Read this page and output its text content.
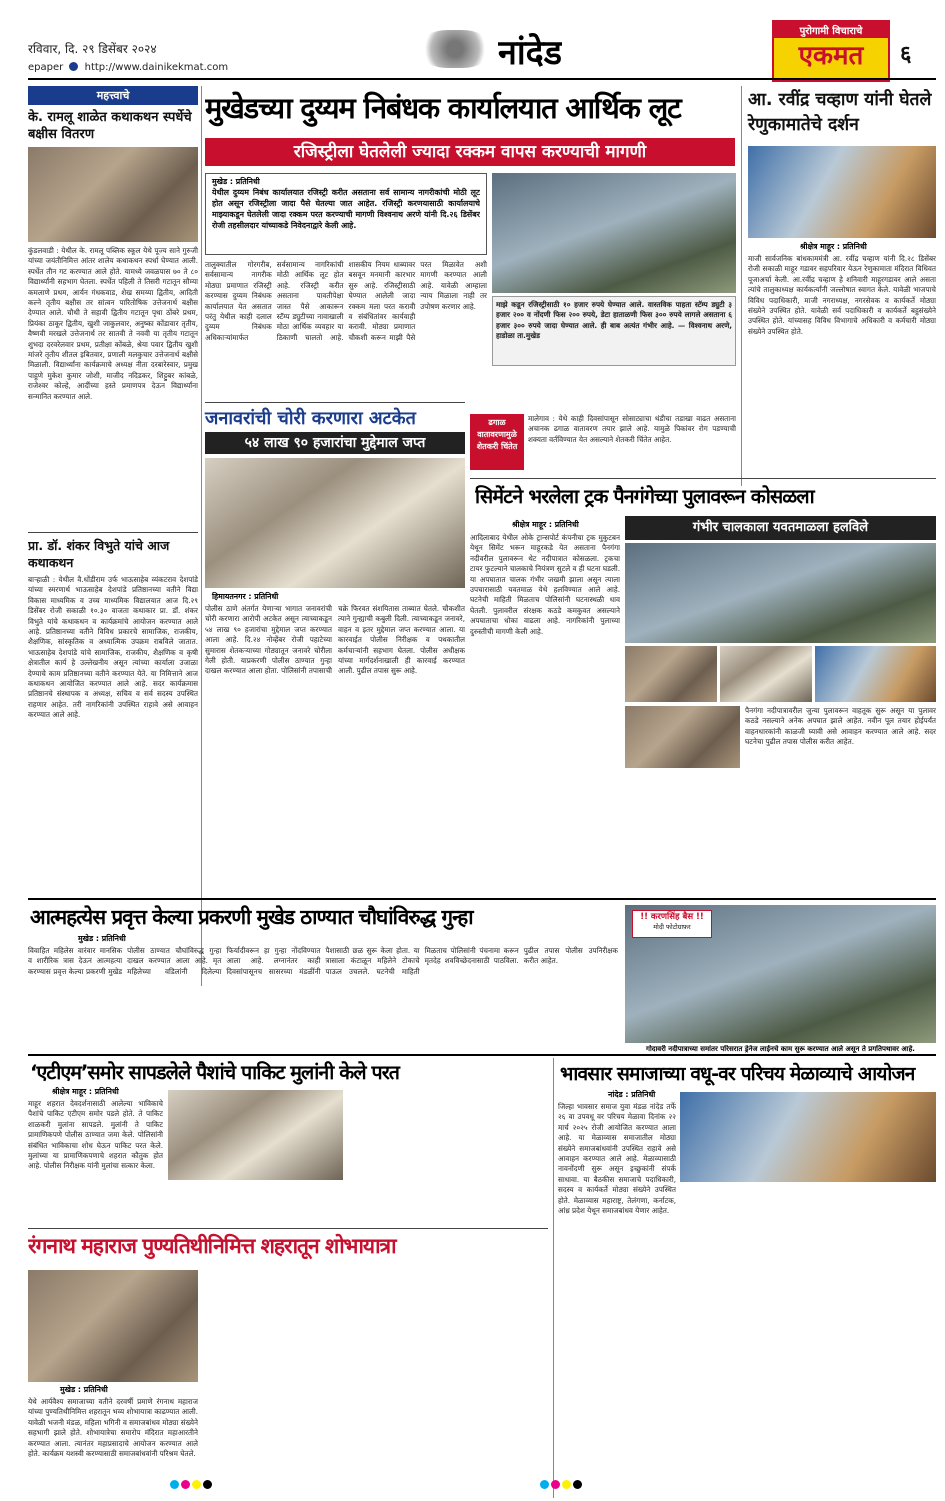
रविवार, दि. २९ डिसेंबर २०२४	नांदेड
पुरोगामी विचाराचे
एकमत	६
epaper http://www.dainikekmat.com
महत्त्वाचे
के. रामलू शाळेत कथाकथन स्पर्धेचे बक्षीस वितरण
कुंडलवाडी : येथील के. रामलू पब्लिक स्कूल येथे पूज्य साने गुरुजी यांच्या जयंतीनिमित्त आंतर शालेय कथाकथन स्पर्धा घेण्यात आली. स्पर्धेत तीन गट करण्यात आले होते. यामध्ये जवळपास ७० ते ८० विद्यार्थ्यांनी सहभाग घेतला. स्पर्धेत पहिली ते तिसरी गटातून सौम्या कमलाणे प्रथम, आर्यन गंधकवाड, शेख समय्या द्वितीय, आदिती कल्ने तृतीय बक्षीस तर सांत्वन पारितोषिक उत्तेजनार्थ बक्षीस देण्यात आले. चौथी ते सहावी द्वितीय गटातून पृथा ठोंबरे प्रथम, प्रियंका ठाकूर द्वितीय, खुशी जाकुलवार, अनुष्का कोंडावार तृतीय, वैष्णवी मरखले उत्तेजनार्थ तर सातवी ते नववी या तृतीय गटातून शुभदा दरवरेलवार प्रथम, प्रतीक्षा कोंबळे, श्रेया पवार द्वितीय खुशी मांजरे तृतीय शीतल इबितवार, प्रणाली मलकुचार उत्तेजनार्थ बक्षीसे मिळाली. विद्यार्थ्यांना कार्यक्रमाचे अध्यक्ष नीता दरबारेस्वार, प्रमुख पाहुणे मुकेश कुमार जोशी, माजीद नदिडकर, शिट्टुबर कांबळे, राजेश्वर कोल्हे, आदींच्या हस्ते प्रमाणपत्र देऊन विद्यार्थ्यांना सन्मानित करण्यात आले.
प्रा. डॉ. शंकर विभुते यांचे आज कथाकथन
बाऱ्हाळी : येथील वै.धोंडीराम उर्फ भाऊसाहेब व्यंकटराव देशपांडे यांच्या स्मरणार्थ भाऊसाहेब देशपांडे प्रतिष्ठानच्या वतीने विद्या विकास माध्यमिक व उच्च माध्यमिक विद्यालयात आज दि.२९ डिसेंबर रोजी सकाळी १०.३० वाजता कथाकार प्रा. डॉ. शंकर विभुते यांचे कथाकथन व कार्यक्रमांचे आयोजन करण्यात आले आहे. प्रतिष्ठानच्या वतीने विविध प्रकारचे सामाजिक, राजकीय, शैक्षणिक, सांस्कृतिक व अध्यात्मिक उपक्रम राबविले जातात. भाऊसाहेब देशपांडे यांचे सामाजिक, राजकीय, शैक्षणिक व कृषी क्षेत्रातील कार्य हे उल्लेखनीय असून त्यांच्या कार्याला उजाळा देण्याचे काम प्रतिष्ठानच्या वतीने करण्यात येते. या निमित्ताने आज कथाकथन आयोजित करण्यात आले आहे. सदर कार्यक्रमास प्रतिष्ठानचे संस्थापक व अध्यक्ष, सचिव व सर्व सदस्य उपस्थित राहणार आहेत. तरी नागरिकांनी उपस्थित राहावे असे आवाहन करण्यात आले आहे.
मुखेडच्या दुय्यम निबंधक कार्यालयात आर्थिक लूट
रजिस्ट्रीला घेतलेली ज्यादा रक्कम वापस करण्याची मागणी
मुखेड : प्रतिनिधी
येथील दुय्यम निबंध कार्यालयात रजिस्ट्री करीत असताना सर्व सामान्य नागरीकांची मोठी लूट होत असून रजिस्ट्रीला जादा पैसे घेतल्या जात आहेत. रजिस्ट्री करणयासाठी कार्यालयाचे माझ्याकडून घेतलेली जादा रक्कम परत करण्याची मागणी विश्वनाथ अरणे यांनी दि.२६ डिसेंबर रोजी तहसीलदार यांच्याकडे निवेदनाद्वारे केली आहे.
माझे कडून रजिस्ट्रीसाठी १० हजार रुपये घेण्यात आले. वास्तविक पाहता स्टॅम्प ड्युटी ३ हजार २०० व नोंदणी फिस २०० रुपये, डेटा हाताळणी फिस ३०० रुपये लागले असताना ६ हजार ३०० रुपये जादा घेण्यात आले. ही बाब अत्यंत गंभीर आहे. — विश्वनाथ अरणे, हाडोळा ता.मुखेड
तालुक्यातील गोरगरीब, सर्वसामान्य नागरीक मोठ्या प्रमाणात रजिस्ट्री करण्यास दुय्यम निबंधक कार्यालयात येत असतात परंतु येथील काही दलाल दुय्यम निबंधक अधिकाऱ्यांमार्फत सर्वसामान्य नागरिकांची मोठी आर्थिक लूट होत आहे. रजिस्ट्री करीत असताना पावतीपेक्षा जास्त पैसे आकारून स्टॅम्प ड्युटीच्या नावाखाली मोठा आर्थिक व्यवहार या ठिकाणी चालतो आहे. शासकीय नियम धाब्यावर बसवून मनमानी कारभार सुरु आहे. रजिस्ट्रीसाठी घेण्यात आलेली जादा रक्कम मला परत करावी व संबंधितांवर कार्यवाही करावी. मोठ्या प्रमाणात चौकशी करून माझी पैसे परत मिळावेत अशी मागणी करण्यात आली आहे. यावेळी आम्हाला न्याय मिळाला नाही तर उपोषण करणार आहे.
आ. रवींद्र चव्हाण यांनी घेतले रेणुकामातेचे दर्शन
श्रीक्षेत्र माहूर : प्रतिनिधी
माजी सार्वजनिक बांधकाममंत्री आ. रवींद्र चव्हाण यांनी दि.२८ डिसेंबर रोजी सकाळी माहूर गडावर सहपरिवार येऊन रेणुकामाता मंदिरात विधिवत पूजाअर्चा केली. आ.रवींद्र चव्हाण हे शनिवारी माहूरगडावर आले असता त्यांचे तालुकाध्यक्ष कार्यकर्त्यांनी जल्लोषात स्वागत केले. यावेळी भाजपाचे विविध पदाधिकारी, माजी नगराध्यक्ष, नगरसेवक व कार्यकर्ते मोठ्या संख्येने उपस्थित होते. यावेळी सर्व पदाधिकारी व कार्यकर्ते बहुसंख्येने उपस्थित होते. यांच्यासह विविध विभागाचे अधिकारी व कर्मचारी मोठ्या संख्येने उपस्थित होते.
जनावरांची चोरी करणारा अटकेत
५४ लाख ९० हजारांचा मुद्देमाल जप्त
हिमायतनगर : प्रतिनिधी
पोलीस ठाणे अंतर्गत येणाऱ्या भागात जनावरांची चोरी करणारा आरोपी अटकेत असून त्याच्याकडून ५४ लाख ९० हजारांचा मुद्देमाल जप्त करण्यात आला आहे. दि.२४ नोव्हेंबर रोजी पहाटेच्या सुमारास शेतकऱ्याच्या गोठ्यातून जनावरे चोरीला गेली होती. याप्रकरणी पोलीस ठाण्यात गुन्हा दाखल करण्यात आला होता. पोलिसांनी तपासाची चक्रे फिरवत संशयितास ताब्यात घेतले. चौकशीत त्याने गुन्ह्याची कबुली दिली. त्याच्याकडून जनावरे, वाहन व इतर मुद्देमाल जप्त करण्यात आला. या कारवाईत पोलीस निरीक्षक व पथकातील कर्मचाऱ्यांनी सहभाग घेतला. पोलीस अधीक्षक यांच्या मार्गदर्शनाखाली ही कारवाई करण्यात आली. पुढील तपास सुरू आहे.
ढगाळ वातावरणामुळे शेतकरी चिंतेत
मालेगाव : येथे काही दिवसांपासून सोसाट्याचा थंडीचा तडाखा वाढत असताना अचानक ढगाळ वातावरण तयार झाले आहे. यामुळे पिकांवर रोग पडण्याची शक्यता वर्तविण्यात येत असल्याने शेतकरी चिंतेत आहेत.
सिमेंटने भरलेला ट्रक पैनगंगेच्या पुलावरून कोसळला
गंभीर चालकाला यवतमाळला हलविले
श्रीक्षेत्र माहूर : प्रतिनिधी
आदिलाबाद येथील ओके ट्रान्सपोर्ट कंपनीचा ट्रक मुकुटबन येथून सिमेंट भरून माहूरकडे येत असताना पैनगंगा नदीवरील पुलावरून थेट नदीपात्रात कोसळला. ट्रकचा टायर फुटल्याने चालकाचे नियंत्रण सुटले व ही घटना घडली. या अपघातात चालक गंभीर जखमी झाला असून त्याला उपचारासाठी यवतमाळ येथे हलविण्यात आले आहे. घटनेची माहिती मिळताच पोलिसांनी घटनास्थळी धाव घेतली. पुलावरील संरक्षक कठडे कमकुवत असल्याने अपघाताचा धोका वाढला आहे. नागरिकांनी पुलाच्या दुरुस्तीची मागणी केली आहे.
पैनगंगा नदीपात्रावरील जुन्या पुलावरून वाहतूक सुरू असून या पुलावर कठडे नसल्याने अनेक अपघात झाले आहेत. नवीन पूल तयार होईपर्यंत वाहनधारकांनी काळजी घ्यावी असे आवाहन करण्यात आले आहे. सदर घटनेचा पुढील तपास पोलीस करीत आहेत.
आत्महत्येस प्रवृत्त केल्या प्रकरणी मुखेड ठाण्यात चौघांविरुद्ध गुन्हा
मुखेड : प्रतिनिधी
विवाहित महिलेस वारंवार मानसिक व शारीरिक त्रास देऊन आत्महत्या करण्यास प्रवृत्त केल्या प्रकरणी मुखेड पोलीस ठाण्यात चौघांविरुद्ध गुन्हा दाखल करण्यात आला आहे. मृत महिलेच्या वडिलांनी दिलेल्या फिर्यादीवरून हा गुन्हा नोंदविण्यात आला आहे. लग्नानंतर काही दिवसांपासूनच सासरच्या मंडळींनी पैशासाठी छळ सुरू केला होता. या त्रासाला कंटाळून महिलेने टोकाचे पाऊल उचलले. घटनेची माहिती मिळताच पोलिसांनी पंचनामा करून मृतदेह शवविच्छेदनासाठी पाठविला. पुढील तपास पोलीस उपनिरीक्षक करीत आहेत.
!! करणसिंह बैस !!
मोदी फोटोग्राफ़र
गोदावरी नदीपात्राच्या समांतर परिसरात ड्रेनेज लाईनचे काम सुरू करण्यात आले असून ते प्रगतिपथावर आहे.
‘एटीएम’समोर सापडलेले पैशांचे पाकिट मुलांनी केले परत
श्रीक्षेत्र माहूर : प्रतिनिधी
माहूर शहरात देवदर्शनासाठी आलेल्या भाविकाचे पैशांचे पाकिट एटीएम समोर पडले होते. ते पाकिट शाळकरी मुलांना सापडले. मुलांनी ते पाकिट प्रामाणिकपणे पोलीस ठाण्यात जमा केले. पोलिसांनी संबंधित भाविकाचा शोध घेऊन पाकिट परत केले. मुलांच्या या प्रामाणिकपणाचे शहरात कौतुक होत आहे. पोलीस निरीक्षक यांनी मुलांचा सत्कार केला.
भावसार समाजाच्या वधू-वर परिचय मेळाव्याचे आयोजन
नांदेड : प्रतिनिधी
जिल्हा भावसार समाज युवा मंडळ नांदेड तर्फे २६ वा उपवधू वर परिचय मेळावा दिनांक २२ मार्च २०२५ रोजी आयोजित करण्यात आला आहे. या मेळाव्यास समाजातील मोठ्या संख्येने समाजबांधवांनी उपस्थित राहावे असे आवाहन करण्यात आले आहे. मेळाव्यासाठी नावनोंदणी सुरू असून इच्छुकांनी संपर्क साधावा. या बैठकीस समाजाचे पदाधिकारी, सदस्य व कार्यकर्ते मोठ्या संख्येने उपस्थित होते. मेळाव्यास महाराष्ट्र, तेलंगणा, कर्नाटक, आंध्र प्रदेश येथून समाजबांधव येणार आहेत.
रंगनाथ महाराज पुण्यतिथीनिमित्त शहरातून शोभायात्रा
मुखेड : प्रतिनिधी
येथे आर्यवैश्य समाजाच्या वतीने दरवर्षी प्रमाणे रंगनाथ महाराज यांच्या पुण्यतिथीनिमित्त शहरातून भव्य शोभायात्रा काढण्यात आली. यावेळी भजनी मंडळ, महिला भगिनी व समाजबांधव मोठ्या संख्येने सहभागी झाले होते. शोभायात्रेचा समारोप मंदिरात महाआरतीने करण्यात आला. त्यानंतर महाप्रसादाचे आयोजन करण्यात आले होते. कार्यक्रम यशस्वी करण्यासाठी समाजबांधवांनी परिश्रम घेतले.
